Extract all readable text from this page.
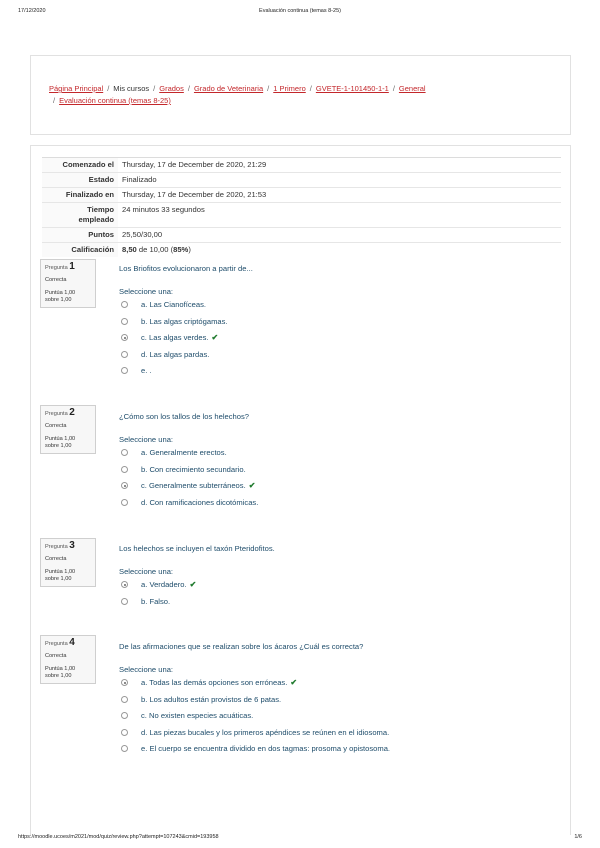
17/12/2020	Evaluación continua (temas 8-25)
Página Principal / Mis cursos / Grados / Grado de Veterinaria / 1 Primero / GVETE-1-101450-1-1 / General
/ Evaluación continua (temas 8-25)
Comenzado el	Thursday, 17 de December de 2020, 21:29
Estado	Finalizado
Finalizado en	Thursday, 17 de December de 2020, 21:53
Tiempo
empleado	24 minutos 33 segundos
Puntos	25,50/30,00
Calificación	8,50 de 10,00 (85%)
Pregunta 1
Correcta
Puntúa 1,00
sobre 1,00
Los Briofitos evolucionaron a partir de...
Seleccione una:
a. Las Cianofíceas.
b. Las algas criptógamas.
c. Las algas verdes. ✔
d. Las algas pardas.
e. .
Pregunta 2
Correcta
Puntúa 1,00
sobre 1,00
¿Cómo son los tallos de los helechos?
Seleccione una:
a. Generalmente erectos.
b. Con crecimiento secundario.
c. Generalmente subterráneos. ✔
d. Con ramificaciones dicotómicas.
Pregunta 3
Correcta
Puntúa 1,00
sobre 1,00
Los helechos se incluyen el taxón Pteridofitos.
Seleccione una:
a. Verdadero. ✔
b. Falso.
Pregunta 4
Correcta
Puntúa 1,00
sobre 1,00
De las afirmaciones que se realizan sobre los ácaros ¿Cuál es correcta?
Seleccione una:
a. Todas las demás opciones son erróneas. ✔
b. Los adultos están provistos de 6 patas.
c. No existen especies acuáticas.
d. Las piezas bucales y los primeros apéndices se reúnen en el idiosoma.
e. El cuerpo se encuentra dividido en dos tagmas: prosoma y opistosoma.
https://moodle.ucoes/m2021/mod/quiz/review.php?attempt=107243&cmid=193958	1/6
